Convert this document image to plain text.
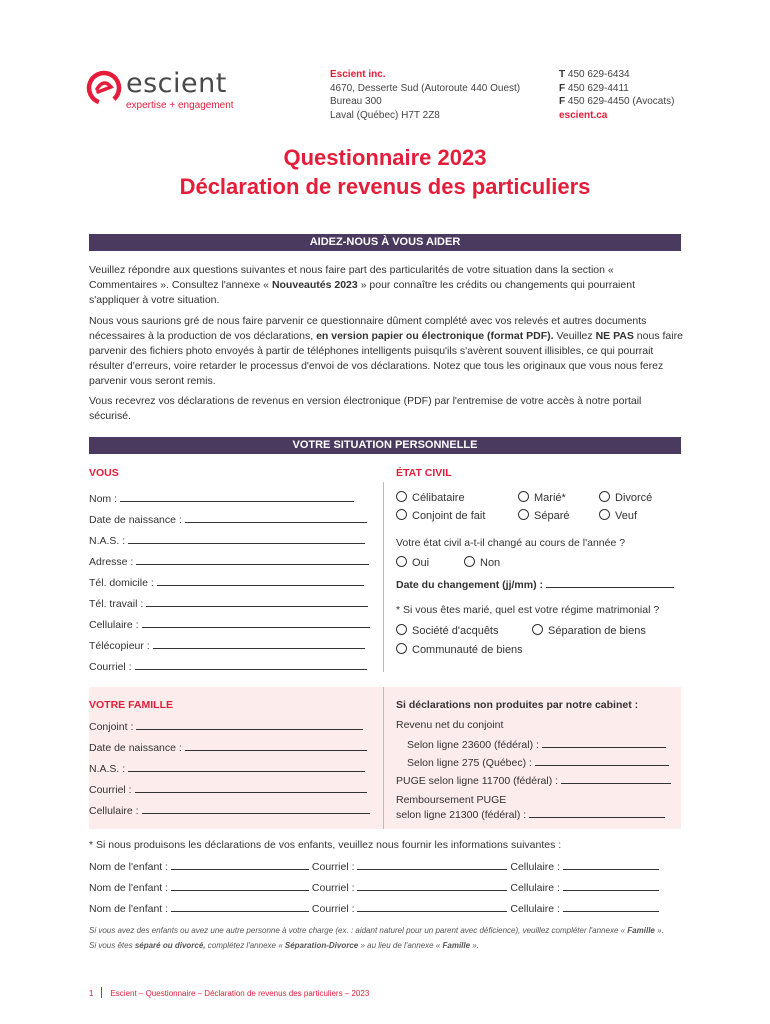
escient
expertise + engagement
Escient inc.
4670, Desserte Sud (Autoroute 440 Ouest)
Bureau 300
Laval (Québec) H7T 2Z8
T 450 629-6434
F 450 629-4411
F 450 629-4450 (Avocats)
escient.ca
Questionnaire 2023
Déclaration de revenus des particuliers
AIDEZ-NOUS À VOUS AIDER
Veuillez répondre aux questions suivantes et nous faire part des particularités de votre situation dans la section « Commentaires ». Consultez l'annexe « Nouveautés 2023 » pour connaître les crédits ou changements qui pourraient s'appliquer à votre situation.
Nous vous saurions gré de nous faire parvenir ce questionnaire dûment complété avec vos relevés et autres documents nécessaires à la production de vos déclarations, en version papier ou électronique (format PDF). Veuillez NE PAS nous faire parvenir des fichiers photo envoyés à partir de téléphones intelligents puisqu'ils s'avèrent souvent illisibles, ce qui pourrait résulter d'erreurs, voire retarder le processus d'envoi de vos déclarations. Notez que tous les originaux que vous nous ferez parvenir vous seront remis.
Vous recevrez vos déclarations de revenus en version électronique (PDF) par l'entremise de votre accès à notre portail sécurisé.
VOTRE SITUATION PERSONNELLE
VOUS	ÉTAT CIVIL
Nom :
Date de naissance :
N.A.S. :
Adresse :
Tél. domicile :
Tél. travail :
Cellulaire :
Télécopieur :
Courriel :
Célibataire	Marié*	Divorcé
Conjoint de fait	Séparé	Veuf
Votre état civil a-t-il changé au cours de l'année ?
Oui	Non
Date du changement (jj/mm) :
* Si vous êtes marié, quel est votre régime matrimonial ?
Société d'acquêts	Séparation de biens
Communauté de biens
VOTRE FAMILLE	Si déclarations non produites par notre cabinet :
Conjoint :
Date de naissance :
N.A.S. :
Courriel :
Cellulaire :
Revenu net du conjoint
Selon ligne 23600 (fédéral) :
Selon ligne 275 (Québec) :
PUGE selon ligne 11700 (fédéral) :
Remboursement PUGE
selon ligne 21300 (fédéral) :
* Si nous produisons les déclarations de vos enfants, veuillez nous fournir les informations suivantes :
Nom de l'enfant :	Courriel :	Cellulaire :
Nom de l'enfant :	Courriel :	Cellulaire :
Nom de l'enfant :	Courriel :	Cellulaire :
Si vous avez des enfants ou avez une autre personne à votre charge (ex. : aidant naturel pour un parent avec déficience), veuillez compléter l'annexe « Famille ».
Si vous êtes séparé ou divorcé, complétez l'annexe « Séparation-Divorce » au lieu de l'annexe « Famille ».
1 Escient – Questionnaire – Déclaration de revenus des particuliers – 2023
